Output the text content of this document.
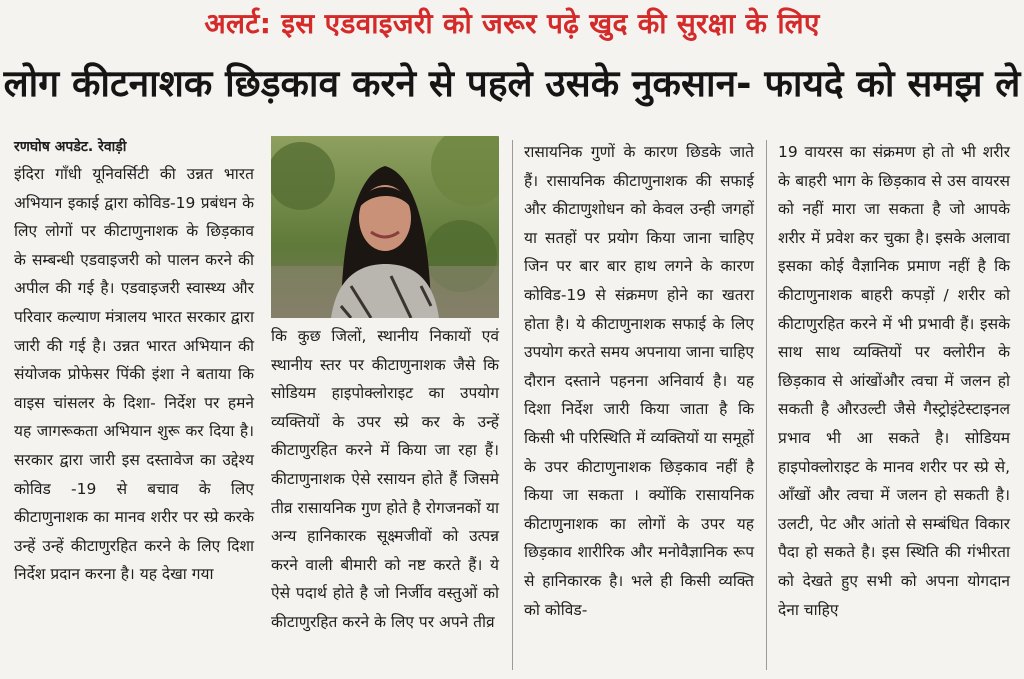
अलर्ट: इस एडवाइजरी को जरूर पढ़े खुद की सुरक्षा के लिए
लोग कीटनाशक छिड़काव करने से पहले उसके नुकसान- फायदे को समझ ले
रणघोष अपडेट. रेवाड़ी

इंदिरा गाँधी यूनिवर्सिटी की उन्नत भारत अभियान इकाई द्वारा कोविड-19 प्रबंधन के लिए लोगों पर कीटाणुनाशक के छिड़काव के सम्बन्धी एडवाइजरी को पालन करने की अपील की गई है। एडवाइजरी स्वास्थ्य और परिवार कल्याण मंत्रालय भारत सरकार द्वारा जारी की गई है। उन्नत भारत अभियान की संयोजक प्रोफेसर पिंकी इंशा ने बताया कि वाइस चांसलर के दिशा- निर्देश पर हमने यह जागरूकता अभियान शुरू कर दिया है। सरकार द्वारा जारी इस दस्तावेज का उद्देश्य कोविड -19 से बचाव के लिए कीटाणुनाशक का मानव शरीर पर स्प्रे करके उन्हें उन्हें कीटाणुरहित करने के लिए दिशा निर्देश प्रदान करना है। यह देखा गया

कि कुछ जिलों, स्थानीय निकायों एवं स्थानीय स्तर पर कीटाणुनाशक जैसे कि सोडियम हाइपोक्लोराइट का उपयोग व्यक्तियों के उपर स्प्रे कर के उन्हें कीटाणुरहित करने में किया जा रहा हैं। कीटाणुनाशक ऐसे रसायन होते हैं जिसमे तीव्र रासायनिक गुण होते है रोगजनकों या अन्य हानिकारक सूक्ष्मजीवों को उत्पन्न करने वाली बीमारी को नष्ट करते हैं। ये ऐसे पदार्थ होते है जो निर्जीव वस्तुओं को कीटाणुरहित करने के लिए पर अपने तीव्र

रासायनिक गुणों के कारण छिडके जाते हैं। रासायनिक कीटाणुनाशक की सफाई और कीटाणुशोधन को केवल उन्ही जगहों या सतहों पर प्रयोग किया जाना चाहिए जिन पर बार बार हाथ लगने के कारण कोविड-19 से संक्रमण होने का खतरा होता है। ये कीटाणुनाशक सफाई के लिए उपयोग करते समय अपनाया जाना चाहिए दौरान दस्ताने पहनना अनिवार्य है। यह दिशा निर्देश जारी किया जाता है कि किसी भी परिस्थिति में व्यक्तियों या समूहों के उपर कीटाणुनाशक छिड़काव नहीं है किया जा सकता । क्योंकि रासायनिक कीटाणुनाशक का लोगों के उपर यह छिड़काव शारीरिक और मनोवैज्ञानिक रूप से हानिकारक है। भले ही किसी व्यक्ति को कोविड-

19 वायरस का संक्रमण हो तो भी शरीर के बाहरी भाग के छिड़काव से उस वायरस को नहीं मारा जा सकता है जो आपके शरीर में प्रवेश कर चुका है। इसके अलावा इसका कोई वैज्ञानिक प्रमाण नहीं है कि कीटाणुनाशक बाहरी कपड़ों / शरीर को कीटाणुरहित करने में भी प्रभावी हैं। इसके साथ साथ व्यक्तियों पर क्लोरीन के छिड़काव से आंखोंऔर त्वचा में जलन हो सकती है औरउल्टी जैसे गैस्ट्रोइंटेस्टाइनल प्रभाव भी आ सकते है। सोडियम हाइपोक्लोराइट के मानव शरीर पर स्प्रे से, आँखों और त्वचा में जलन हो सकती है। उलटी, पेट और आंतो से सम्बंधित विकार पैदा हो सकते है। इस स्थिति की गंभीरता को देखते हुए सभी को अपना योगदान देना चाहिए
